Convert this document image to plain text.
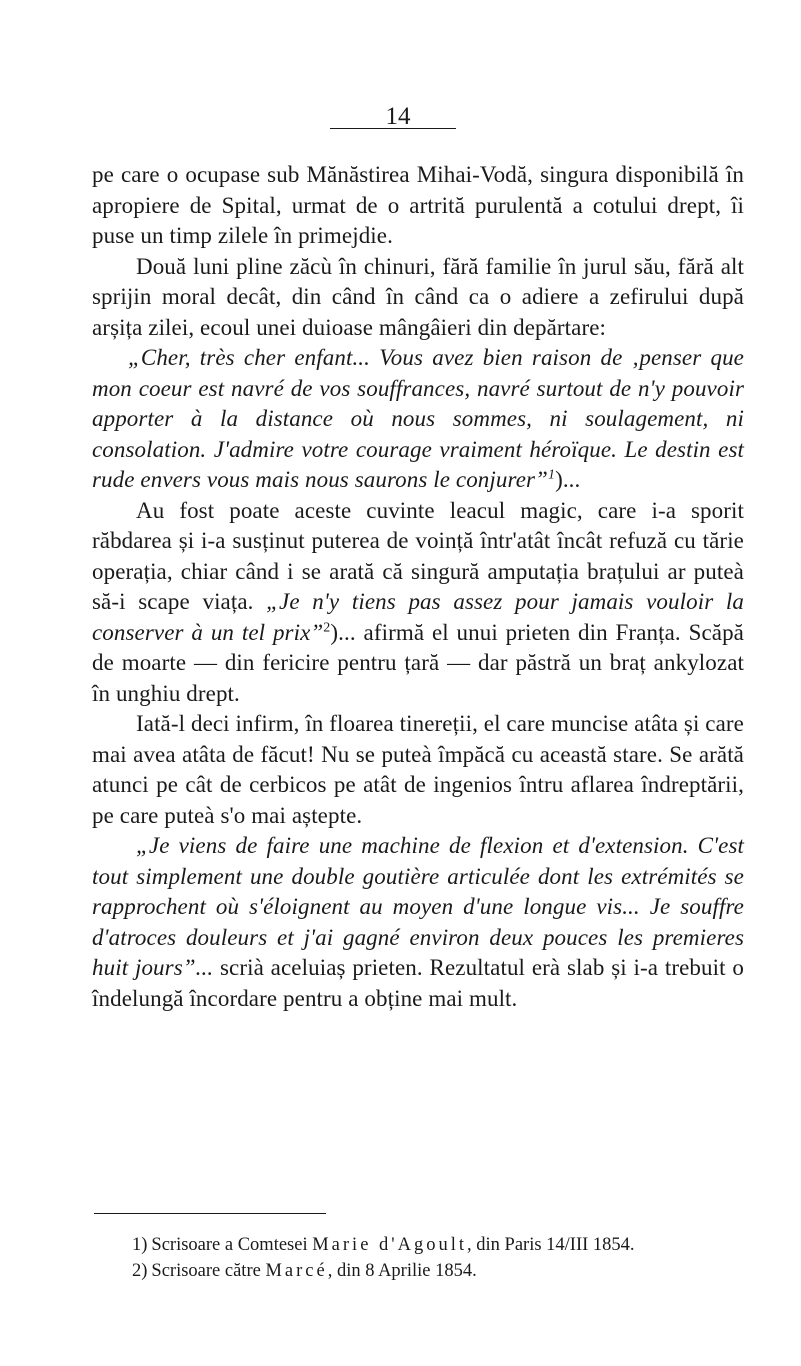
14

pe care o ocupase sub Mănăstirea Mihai-Vodă, singura disponibilă în apropiere de Spital, urmat de o artrită purulentă a cotului drept, îi puse un timp zilele în primejdie.

Două luni pline zăcù în chinuri, fără familie în jurul său, fără alt sprijin moral decât, din când în când ca o adiere a zefirului după arșița zilei, ecoul unei duioase mângâieri din depărtare:

„Cher, très cher enfant... Vous avez bien raison de ‚penser que mon coeur est navré de vos souffrances, navré surtout de n'y pouvoir apporter à la distance où nous sommes, ni soulagement, ni consolation. J'admire votre courage vraiment héroïque. Le destin est rude envers vous mais nous saurons le conjurer”$^1$)...

Au fost poate aceste cuvinte leacul magic, care i-a sporit răbdarea și i-a susținut puterea de voință într'atât încât refuză cu tărie operația, chiar când i se arată că singură amputația brațului ar puteà să-i scape viața. „Je n'y tiens pas assez pour jamais vouloir la conserver à un tel prix”$^2$)... afirmă el unui prieten din Franța. Scăpă de moarte — din fericire pentru țară — dar păstră un braț ankylozat în unghiu drept.

Iată-l deci infirm, în floarea tinereții, el care muncise atâta și care mai avea atâta de făcut! Nu se puteà împăcă cu această stare. Se arătă atunci pe cât de cerbicos pe atât de ingenios întru aflarea îndreptării, pe care puteà s'o mai aștepte.

„Je viens de faire une machine de flexion et d'extension. C'est tout simplement une double goutière articulée dont les extrémités se rapprochent où s'éloignent au moyen d'une longue vis... Je souffre d'atroces douleurs et j'ai gagné environ deux pouces les premieres huit jours”... scrià aceluiaș prieten. Rezultatul erà slab și i-a trebuit o îndelungă încordare pentru a obține mai mult.

1) Scrisoare a Comtesei Marie d'Agoult, din Paris 14/III 1854.

2) Scrisoare către Marcé, din 8 Aprilie 1854.
